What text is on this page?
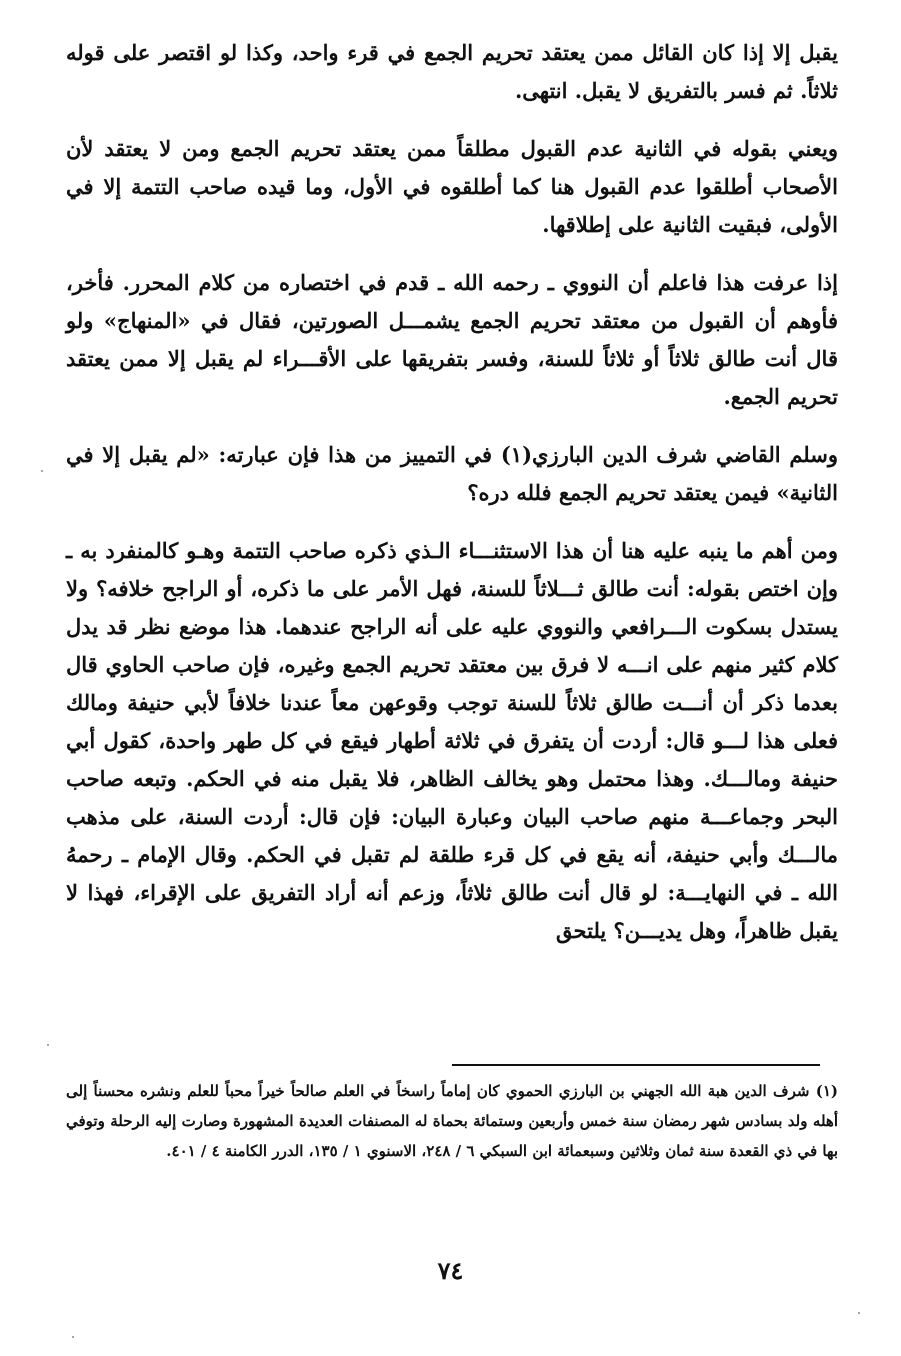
يقبل إلا إذا كان القائل ممن يعتقد تحريم الجمع في قرء واحد، وكذا لو اقتصر على قوله ثلاثاً. ثم فسر بالتفريق لا يقبل. انتهى.

ويعني بقوله في الثانية عدم القبول مطلقاً ممن يعتقد تحريم الجمع ومن لا يعتقد لأن الأصحاب أطلقوا عدم القبول هنا كما أطلقوه في الأول، وما قيده صاحب التتمة إلا في الأولى، فبقيت الثانية على إطلاقها.

إذا عرفت هذا فاعلم أن النووي ـ رحمه الله ـ قدم في اختصاره من كلام المحرر. فأخر، فأوهم أن القبول من معتقد تحريم الجمع يشمـــل الصورتين، فقال في «المنهاج» ولو قال أنت طالق ثلاثاً أو ثلاثاً للسنة، وفسر بتفريقها على الأقـــراء لم يقبل إلا ممن يعتقد تحريم الجمع.

وسلم القاضي شرف الدين البارزي(١) في التمييز من هذا فإن عبارته: «لم يقبل إلا في الثانية» فيمن يعتقد تحريم الجمع فلله دره؟

ومن أهم ما ينبه عليه هنا أن هذا الاستثنـــاء الـذي ذكره صاحب التتمة وهـو كالمنفرد به ـ وإن اختص بقوله: أنت طالق ثـــلاثاً للسنة، فهل الأمر على ما ذكره، أو الراجح خلافه؟ ولا يستدل بسكوت الـــرافعي والنووي عليه على أنه الراجح عندهما. هذا موضع نظر قد يدل كلام كثير منهم على انـــه لا فرق بين معتقد تحريم الجمع وغيره، فإن صاحب الحاوي قال بعدما ذكر أن أنـــت طالق ثلاثاً للسنة توجب وقوعهن معاً عندنا خلافاً لأبي حنيفة ومالك فعلى هذا لـــو قال: أردت أن يتفرق في ثلاثة أطهار فيقع في كل طهر واحدة، كقول أبي حنيفة ومالـــك. وهذا محتمل وهو يخالف الظاهر، فلا يقبل منه في الحكم. وتبعه صاحب البحر وجماعـــة منهم صاحب البيان وعبارة البيان: فإن قال: أردت السنة، على مذهب مالـــك وأبي حنيفة، أنه يقع في كل قرء طلقة لم تقبل في الحكم. وقال الإمام ـ رحمهُ الله ـ في النهايـــة: لو قال أنت طالق ثلاثاً، وزعم أنه أراد التفريق على الإقراء، فهذا لا يقبل ظاهراً، وهل يديـــن؟ يلتحق

(١) شرف الدين هبة الله الجهني بن البارزي الحموي كان إماماً راسخاً في العلم صالحاً خيراً محباً للعلم ونشره محسناً إلى أهله ولد بسادس شهر رمضان سنة خمس وأربعين وستمائة بحماة له المصنفات العديدة المشهورة وصارت إليه الرحلة وتوفي بها في ذي القعدة سنة ثمان وثلاثين وسبعمائة ابن السبكي ٦ / ٢٤٨، الاسنوي ١ / ١٣٥، الدرر الكامنة ٤ / ٤٠١.

٧٤
